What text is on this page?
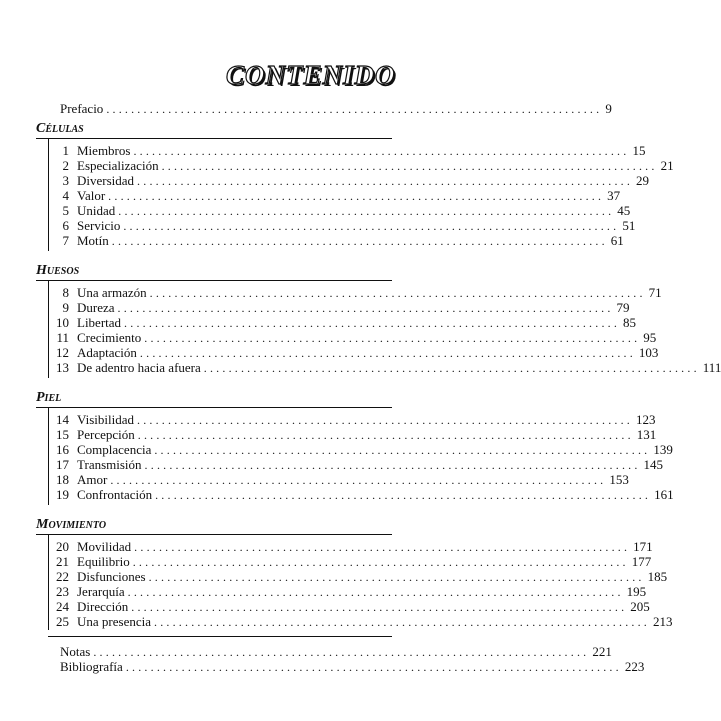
CONTENIDO
Prefacio ................................................................................ 9
Células
1 Miembros ................................................................................ 15
2 Especialización ................................................................................ 21
3 Diversidad ................................................................................ 29
4 Valor ................................................................................ 37
5 Unidad ................................................................................ 45
6 Servicio ................................................................................ 51
7 Motín ................................................................................ 61
Huesos
8 Una armazón ................................................................................ 71
9 Dureza ................................................................................ 79
10 Libertad ................................................................................ 85
11 Crecimiento ................................................................................ 95
12 Adaptación ................................................................................ 103
13 De adentro hacia afuera ................................................................................ 111
Piel
14 Visibilidad ................................................................................ 123
15 Percepción ................................................................................ 131
16 Complacencia ................................................................................ 139
17 Transmisión ................................................................................ 145
18 Amor ................................................................................ 153
19 Confrontación ................................................................................ 161
Movimiento
20 Movilidad ................................................................................ 171
21 Equilibrio ................................................................................ 177
22 Disfunciones ................................................................................ 185
23 Jerarquía ................................................................................ 195
24 Dirección ................................................................................ 205
25 Una presencia ................................................................................ 213
Notas ................................................................................ 221
Bibliografía ................................................................................ 223
